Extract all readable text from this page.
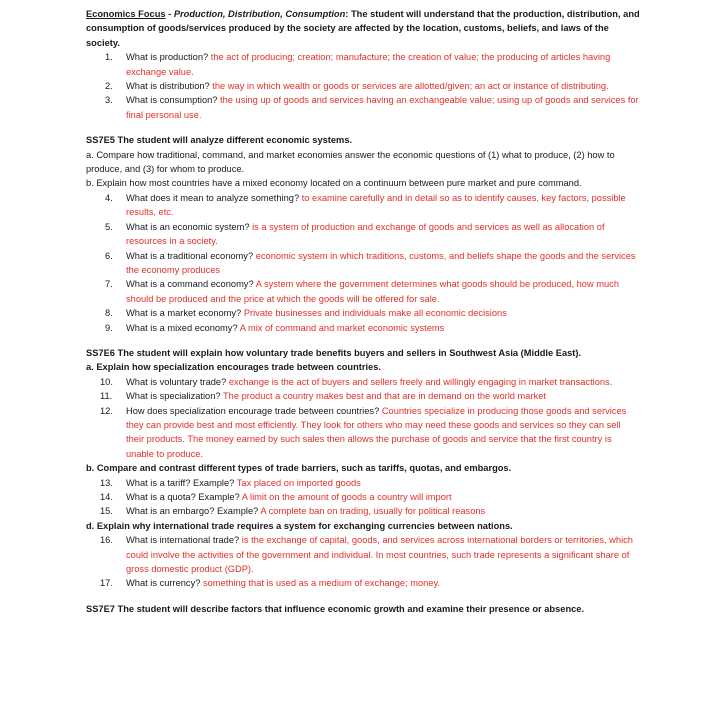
Economics Focus - Production, Distribution, Consumption: The student will understand that the production, distribution, and consumption of goods/services produced by the society are affected by the location, customs, beliefs, and laws of the society.

1. What is production? the act of producing; creation; manufacture; the creation of value; the producing of articles having exchange value.
2. What is distribution? the way in which wealth or goods or services are allotted/given; an act or instance of distributing.
3. What is consumption? the using up of goods and services having an exchangeable value; using up of goods and services for final personal use.

SS7E5 The student will analyze different economic systems.

a. Compare how traditional, command, and market economies answer the economic questions of (1) what to produce, (2) how to produce, and (3) for whom to produce.

b. Explain how most countries have a mixed economy located on a continuum between pure market and pure command.

4. What does it mean to analyze something? to examine carefully and in detail so as to identify causes, key factors, possible results, etc.
5. What is an economic system? is a system of production and exchange of goods and services as well as allocation of resources in a society.
6. What is a traditional economy? economic system in which traditions, customs, and beliefs shape the goods and the services the economy produces
7. What is a command economy? A system where the government determines what goods should be produced, how much should be produced and the price at which the goods will be offered for sale.
8. What is a market economy? Private businesses and individuals make all economic decisions
9. What is a mixed economy? A mix of command and market economic systems

SS7E6 The student will explain how voluntary trade benefits buyers and sellers in Southwest Asia (Middle East).

a. Explain how specialization encourages trade between countries.

10. What is voluntary trade? exchange is the act of buyers and sellers freely and willingly engaging in market transactions.
11. What is specialization? The product a country makes best and that are in demand on the world market
12. How does specialization encourage trade between countries? Countries specialize in producing those goods and services they can provide best and most efficiently. They look for others who may need these goods and services so they can sell their products. The money earned by such sales then allows the purchase of goods and service that the first country is unable to produce.

b. Compare and contrast different types of trade barriers, such as tariffs, quotas, and embargos.

13. What is a tariff? Example? Tax placed on imported goods
14. What is a quota? Example? A limit on the amount of goods a country will import
15. What is an embargo? Example? A complete ban on trading, usually for political reasons

d. Explain why international trade requires a system for exchanging currencies between nations.

16. What is international trade? is the exchange of capital, goods, and services across international borders or territories, which could involve the activities of the government and individual. In most countries, such trade represents a significant share of gross domestic product (GDP).
17. What is currency? something that is used as a medium of exchange; money.

SS7E7 The student will describe factors that influence economic growth and examine their presence or absence.
